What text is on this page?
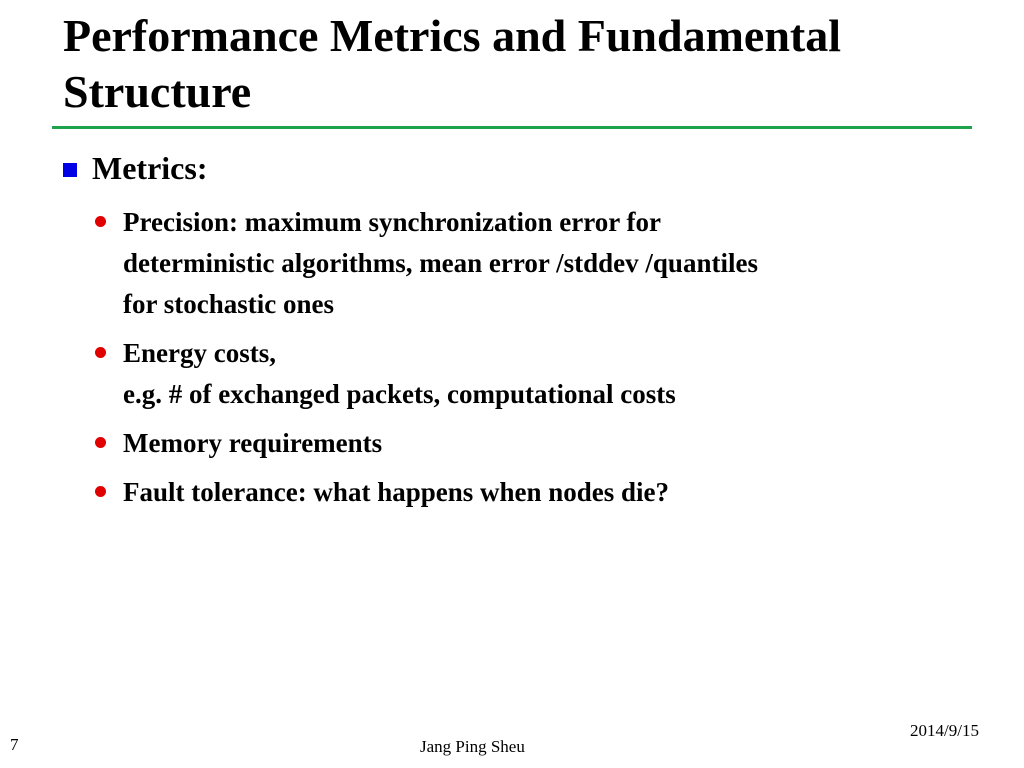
Performance Metrics and Fundamental Structure
Metrics:
Precision: maximum synchronization error for
deterministic algorithms, mean error /stddev /quantiles
for stochastic ones
Energy costs,
e.g. # of exchanged packets, computational costs
Memory requirements
Fault tolerance: what happens when nodes die?
7	Jang Ping Sheu
2014/9/15
